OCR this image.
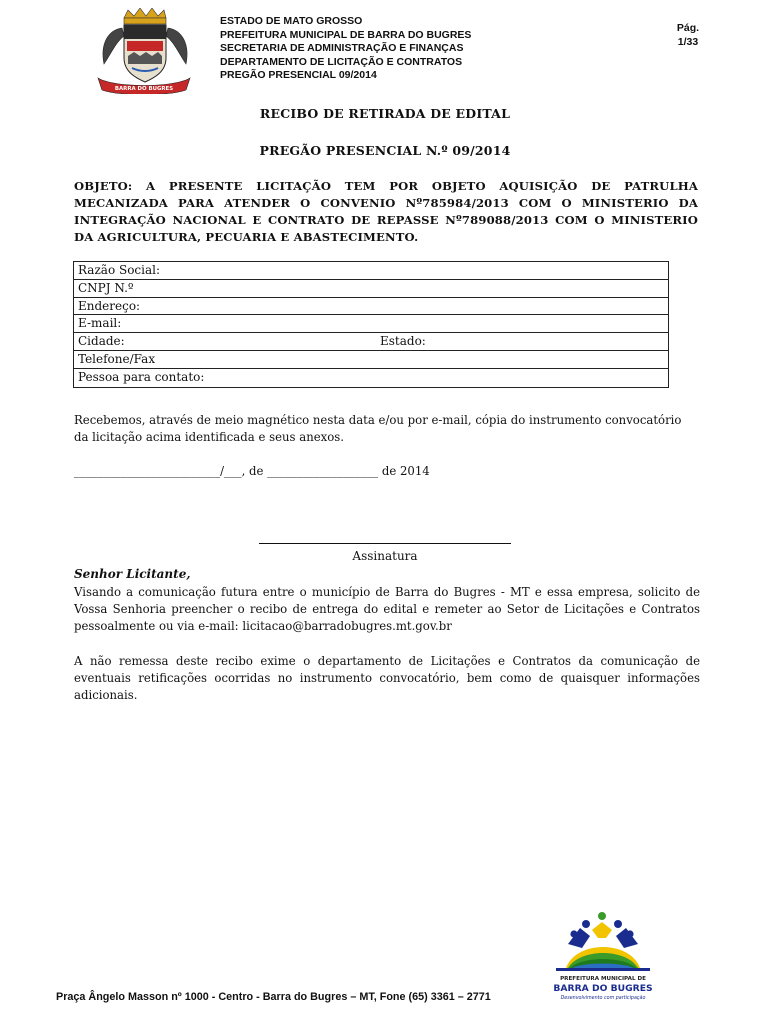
BARRA DO BUGRES
ESTADO DE MATO GROSSO
PREFEITURA MUNICIPAL DE BARRA DO BUGRES
SECRETARIA DE ADMINISTRAÇÃO E FINANÇAS
DEPARTAMENTO DE LICITAÇÃO E CONTRATOS
PREGÃO PRESENCIAL 09/2014
Pág.
1/33
RECIBO DE RETIRADA DE EDITAL
PREGÃO PRESENCIAL N.º 09/2014
OBJETO: A PRESENTE LICITAÇÃO TEM POR OBJETO AQUISIÇÃO DE PATRULHA MECANIZADA PARA ATENDER O CONVENIO Nº785984/2013 COM O MINISTERIO DA INTEGRAÇÃO NACIONAL E CONTRATO DE REPASSE Nº789088/2013 COM O MINISTERIO DA AGRICULTURA, PECUARIA E ABASTECIMENTO.
Razão Social:
CNPJ N.º
Endereço:
E-mail:
Cidade:	Estado:
Telefone/Fax
Pessoa para contato:
Recebemos, através de meio magnético nesta data e/ou por e-mail, cópia do instrumento convocatório da licitação acima identificada e seus anexos.
_________________________/___, de ___________________ de 2014
Assinatura
Senhor Licitante,
Visando a comunicação futura entre o município de Barra do Bugres - MT e essa empresa, solicito de Vossa Senhoria preencher o recibo de entrega do edital e remeter ao Setor de Licitações e Contratos pessoalmente ou via e-mail: licitacao@barradobugres.mt.gov.br
A não remessa deste recibo exime o departamento de Licitações e Contratos da comunicação de eventuais retificações ocorridas no instrumento convocatório, bem como de quaisquer informações adicionais.
PREFEITURA MUNICIPAL DE
BARRA DO BUGRES
Desenvolvimento com participação
Praça Ângelo Masson nº 1000 - Centro - Barra do Bugres – MT, Fone (65) 3361 – 2771
